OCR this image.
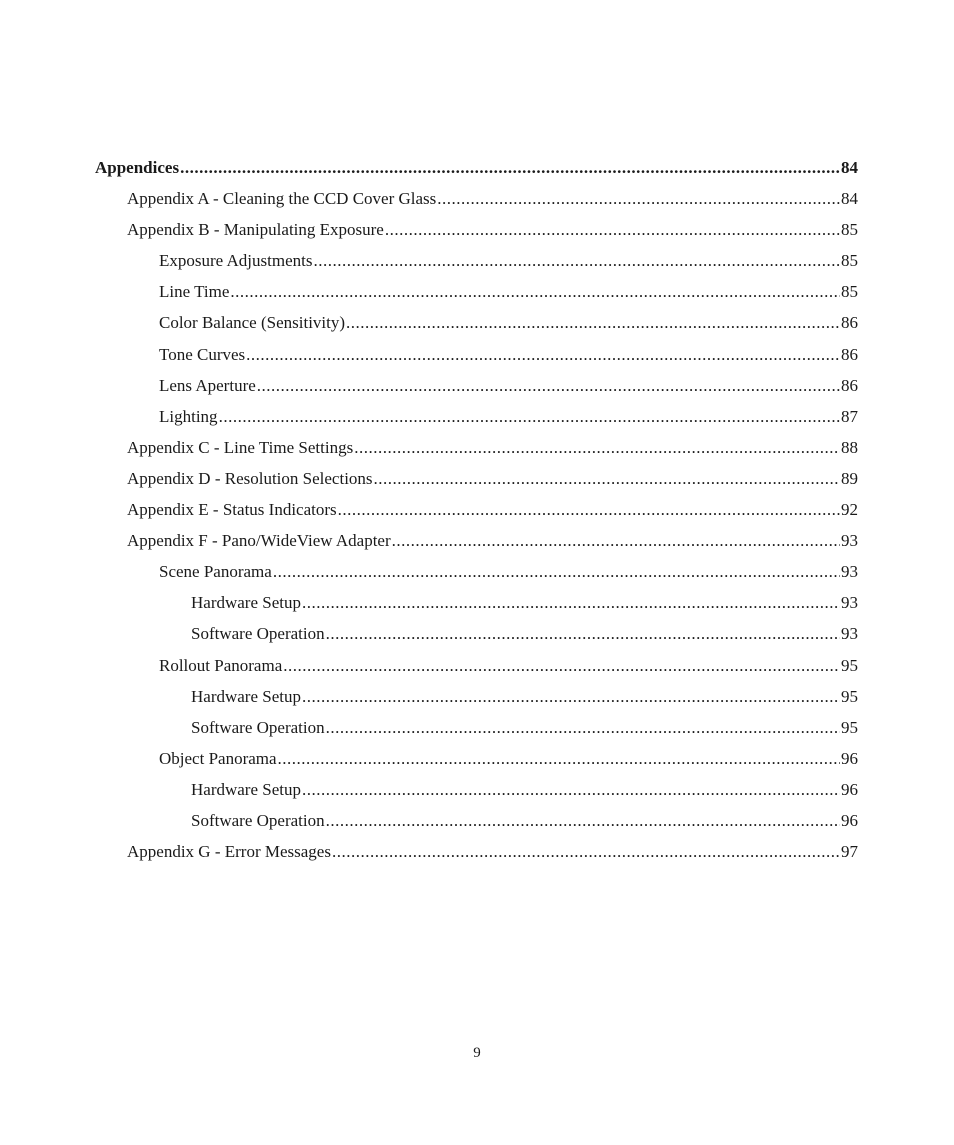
Appendices .....	84
Appendix A - Cleaning the CCD Cover Glass .....	84
Appendix B - Manipulating Exposure .....	85
Exposure Adjustments .....	85
Line Time .....	85
Color Balance (Sensitivity) .....	86
Tone Curves .....	86
Lens Aperture .....	86
Lighting .....	87
Appendix C - Line Time Settings .....	88
Appendix D - Resolution Selections .....	89
Appendix E - Status Indicators .....	92
Appendix F - Pano/WideView Adapter .....	93
Scene Panorama .....	93
Hardware Setup .....	93
Software Operation .....	93
Rollout Panorama .....	95
Hardware Setup .....	95
Software Operation .....	95
Object Panorama .....	96
Hardware Setup .....	96
Software Operation .....	96
Appendix G - Error Messages .....	97
9
